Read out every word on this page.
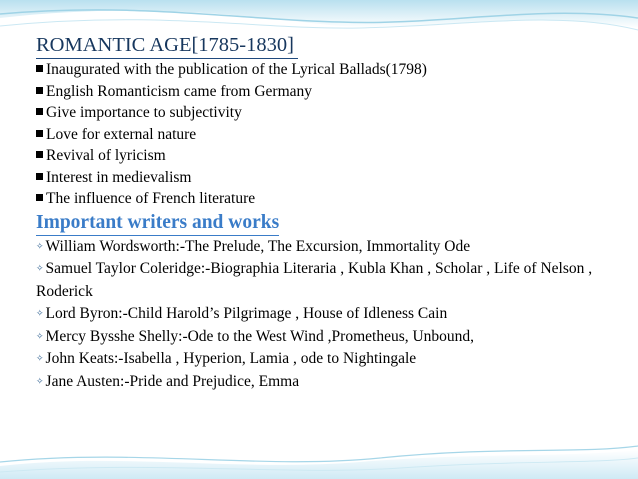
ROMANTIC AGE[1785-1830]
Inaugurated with the publication of the Lyrical Ballads(1798)
English Romanticism came from Germany
Give importance to subjectivity
Love for external nature
Revival of lyricism
Interest in medievalism
The influence of French literature
Important writers and works
✧ William Wordsworth:-The Prelude, The Excursion, Immortality Ode
✧ Samuel Taylor Coleridge:-Biographia Literaria , Kubla Khan , Scholar , Life of Nelson , Roderick
✧ Lord Byron:-Child Harold’s Pilgrimage , House of Idleness Cain
✧ Mercy Bysshe Shelly:-Ode to the West Wind ,Prometheus, Unbound,
✧ John Keats:-Isabella , Hyperion, Lamia , ode to Nightingale
✧ Jane Austen:-Pride and Prejudice, Emma
